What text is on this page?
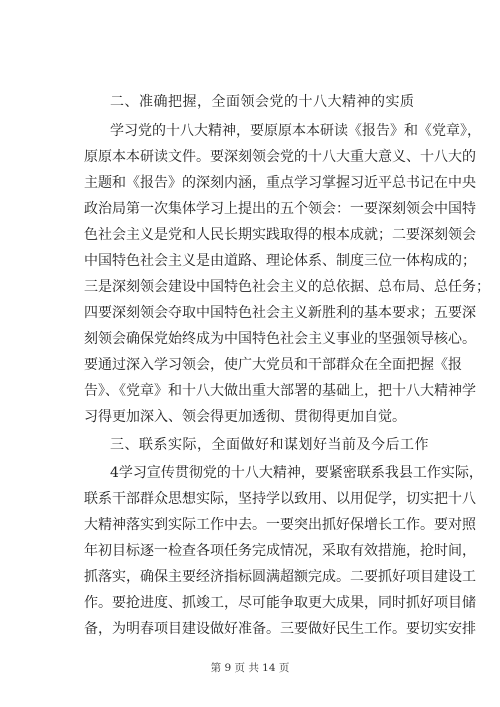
二、准确把握，全面领会党的十八大精神的实质
学习党的十八大精神，要原原本本研读《报告》和《党章》，
原原本本研读文件。要深刻领会党的十八大重大意义、十八大的
主题和《报告》的深刻内涵，重点学习掌握习近平总书记在中央
政治局第一次集体学习上提出的五个领会：一要深刻领会中国特
色社会主义是党和人民长期实践取得的根本成就；二要深刻领会
中国特色社会主义是由道路、理论体系、制度三位一体构成的；
三是深刻领会建设中国特色社会主义的总依据、总布局、总任务；
四要深刻领会夺取中国特色社会主义新胜利的基本要求；五要深
刻领会确保党始终成为中国特色社会主义事业的坚强领导核心。
要通过深入学习领会，使广大党员和干部群众在全面把握《报
告》、《党章》和十八大做出重大部署的基础上，把十八大精神学
习得更加深入、领会得更加透彻、贯彻得更加自觉。
三、联系实际，全面做好和谋划好当前及今后工作
4学习宣传贯彻党的十八大精神，要紧密联系我县工作实际，
联系干部群众思想实际，坚持学以致用、以用促学，切实把十八
大精神落实到实际工作中去。一要突出抓好保增长工作。要对照
年初目标逐一检查各项任务完成情况，采取有效措施，抢时间，
抓落实，确保主要经济指标圆满超额完成。二要抓好项目建设工
作。要抢进度、抓竣工，尽可能争取更大成果，同时抓好项目储
备，为明春项目建设做好准备。三要做好民生工作。要切实安排
第 9 页 共 14 页
